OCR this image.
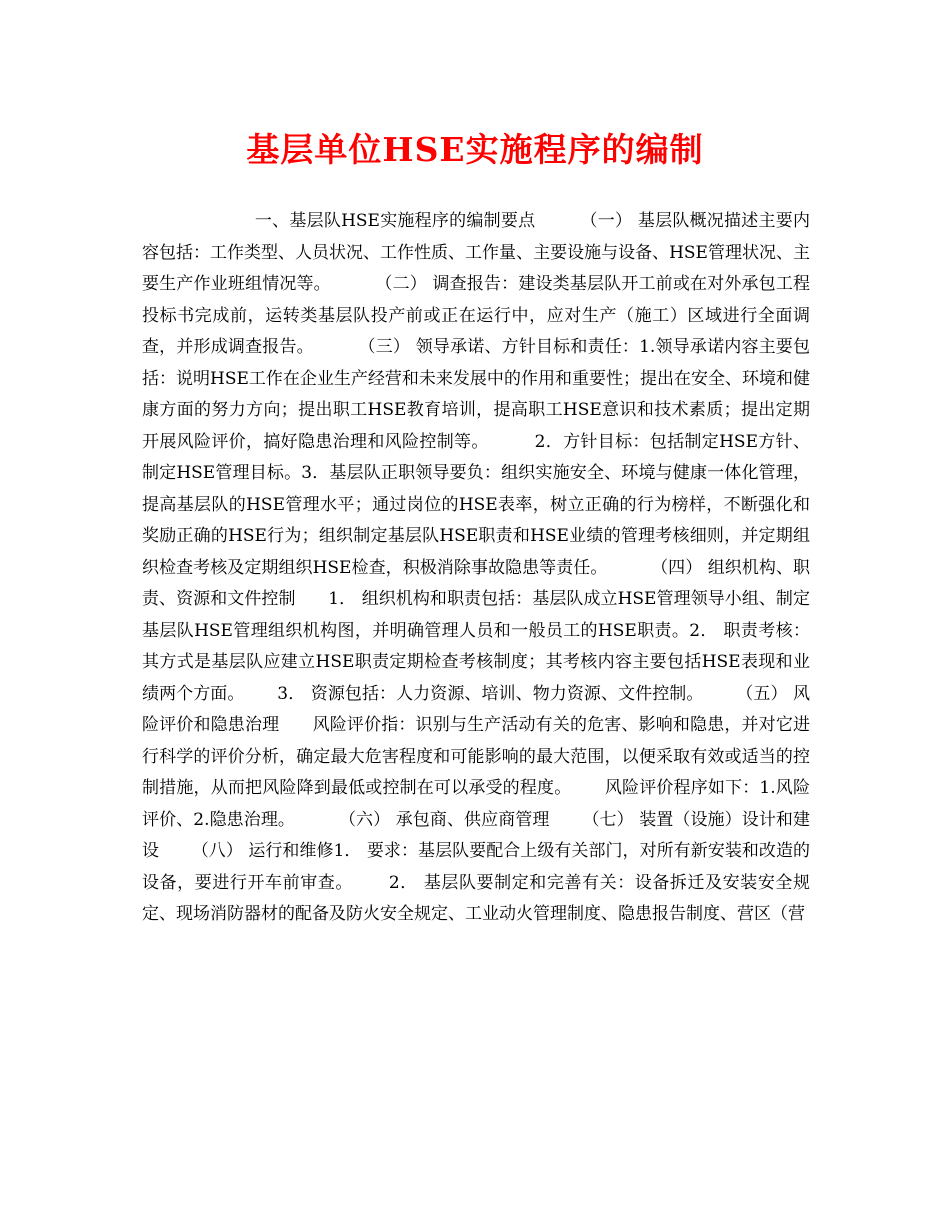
基层单位HSE实施程序的编制

一、基层队HSE实施程序的编制要点        （一） 基层队概况描述主要内容包括：工作类型、人员状况、工作性质、工作量、主要设施与设备、HSE管理状况、主要生产作业班组情况等。        （二） 调查报告：建设类基层队开工前或在对外承包工程投标书完成前，运转类基层队投产前或正在运行中，应对生产（施工）区域进行全面调查，并形成调查报告。        （三） 领导承诺、方针目标和责任：1.领导承诺内容主要包括：说明HSE工作在企业生产经营和未来发展中的作用和重要性；提出在安全、环境和健康方面的努力方向；提出职工HSE教育培训，提高职工HSE意识和技术素质；提出定期开展风险评价，搞好隐患治理和风险控制等。        2．方针目标：包括制定HSE方针、制定HSE管理目标。3．基层队正职领导要负：组织实施安全、环境与健康一体化管理，提高基层队的HSE管理水平；通过岗位的HSE表率，树立正确的行为榜样，不断强化和奖励正确的HSE行为；组织制定基层队HSE职责和HSE业绩的管理考核细则，并定期组织检查考核及定期组织HSE检查，积极消除事故隐患等责任。        （四） 组织机构、职责、资源和文件控制      1． 组织机构和职责包括：基层队成立HSE管理领导小组、制定基层队HSE管理组织机构图，并明确管理人员和一般员工的HSE职责。2． 职责考核：其方式是基层队应建立HSE职责定期检查考核制度；其考核内容主要包括HSE表现和业绩两个方面。      3． 资源包括：人力资源、培训、物力资源、文件控制。      （五） 风险评价和隐患治理      风险评价指：识别与生产活动有关的危害、影响和隐患，并对它进行科学的评价分析，确定最大危害程度和可能影响的最大范围，以便采取有效或适当的控制措施，从而把风险降到最低或控制在可以承受的程度。      风险评价程序如下：1.风险评价、2.隐患治理。        （六） 承包商、供应商管理      （七） 装置（设施）设计和建设      （八） 运行和维修1． 要求：基层队要配合上级有关部门，对所有新安装和改造的设备，要进行开车前审查。      2． 基层队要制定和完善有关：设备拆迁及安装安全规定、现场消防器材的配备及防火安全规定、工业动火管理制度、隐患报告制度、营区（营
